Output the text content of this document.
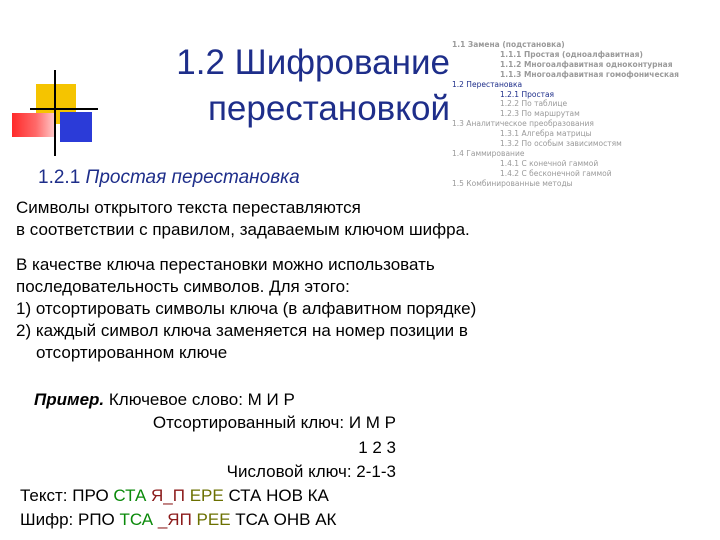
1.2 Шифрование
перестановкой
1.1 Замена (подстановка)
1.1.1 Простая (одноалфавитная)
1.1.2 Многоалфавитная одноконтурная
1.1.3 Многоалфавитная гомофоническая
1.2 Перестановка
1.2.1 Простая
1.2.2 По таблице
1.2.3 По маршрутам
1.3 Аналитическое преобразования
1.3.1 Алгебра матрицы
1.3.2 По особым зависимостям
1.4 Гаммирование
1.4.1 С конечной гаммой
1.4.2 С бесконечной гаммой
1.5 Комбинированные методы
1.2.1 Простая перестановка
Символы открытого текста переставляются
в соответствии с правилом, задаваемым ключом шифра.
В качестве ключа перестановки можно использовать
последовательность символов. Для этого:
1) отсортировать символы ключа (в алфавитном порядке)
2) каждый символ ключа заменяется на номер позиции в
отсортированном ключе
Пример. Ключевое слово: М И Р
Отсортированный ключ: И М Р
1 2 3
Числовой ключ: 2-1-3
Текст: ПРО СТА Я_П ЕРЕ СТА НОВ КА
Шифр: РПО ТСА _ЯП РЕЕ ТСА ОНВ АК
